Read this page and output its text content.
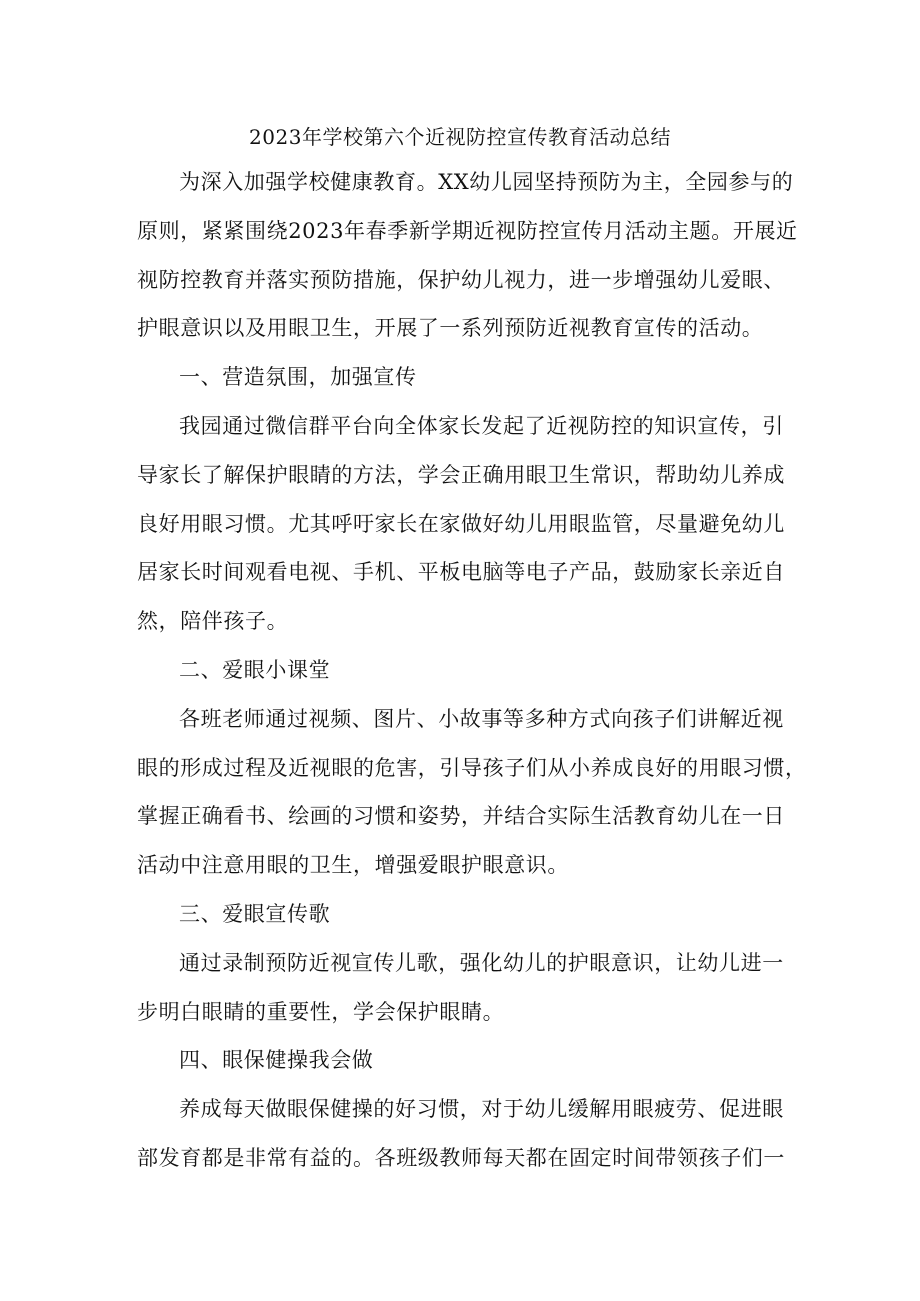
2023年学校第六个近视防控宣传教育活动总结
为深入加强学校健康教育。XX幼儿园坚持预防为主，全园参与的
原则，紧紧围绕2023年春季新学期近视防控宣传月活动主题。开展近
视防控教育并落实预防措施，保护幼儿视力，进一步增强幼儿爱眼、
护眼意识以及用眼卫生，开展了一系列预防近视教育宣传的活动。
一、营造氛围，加强宣传
我园通过微信群平台向全体家长发起了近视防控的知识宣传，引
导家长了解保护眼睛的方法，学会正确用眼卫生常识，帮助幼儿养成
良好用眼习惯。尤其呼吁家长在家做好幼儿用眼监管，尽量避免幼儿
居家长时间观看电视、手机、平板电脑等电子产品，鼓励家长亲近自
然，陪伴孩子。
二、爱眼小课堂
各班老师通过视频、图片、小故事等多种方式向孩子们讲解近视
眼的形成过程及近视眼的危害，引导孩子们从小养成良好的用眼习惯，
掌握正确看书、绘画的习惯和姿势，并结合实际生活教育幼儿在一日
活动中注意用眼的卫生，增强爱眼护眼意识。
三、爱眼宣传歌
通过录制预防近视宣传儿歌，强化幼儿的护眼意识，让幼儿进一
步明白眼睛的重要性，学会保护眼睛。
四、眼保健操我会做
养成每天做眼保健操的好习惯，对于幼儿缓解用眼疲劳、促进眼
部发育都是非常有益的。各班级教师每天都在固定时间带领孩子们一
